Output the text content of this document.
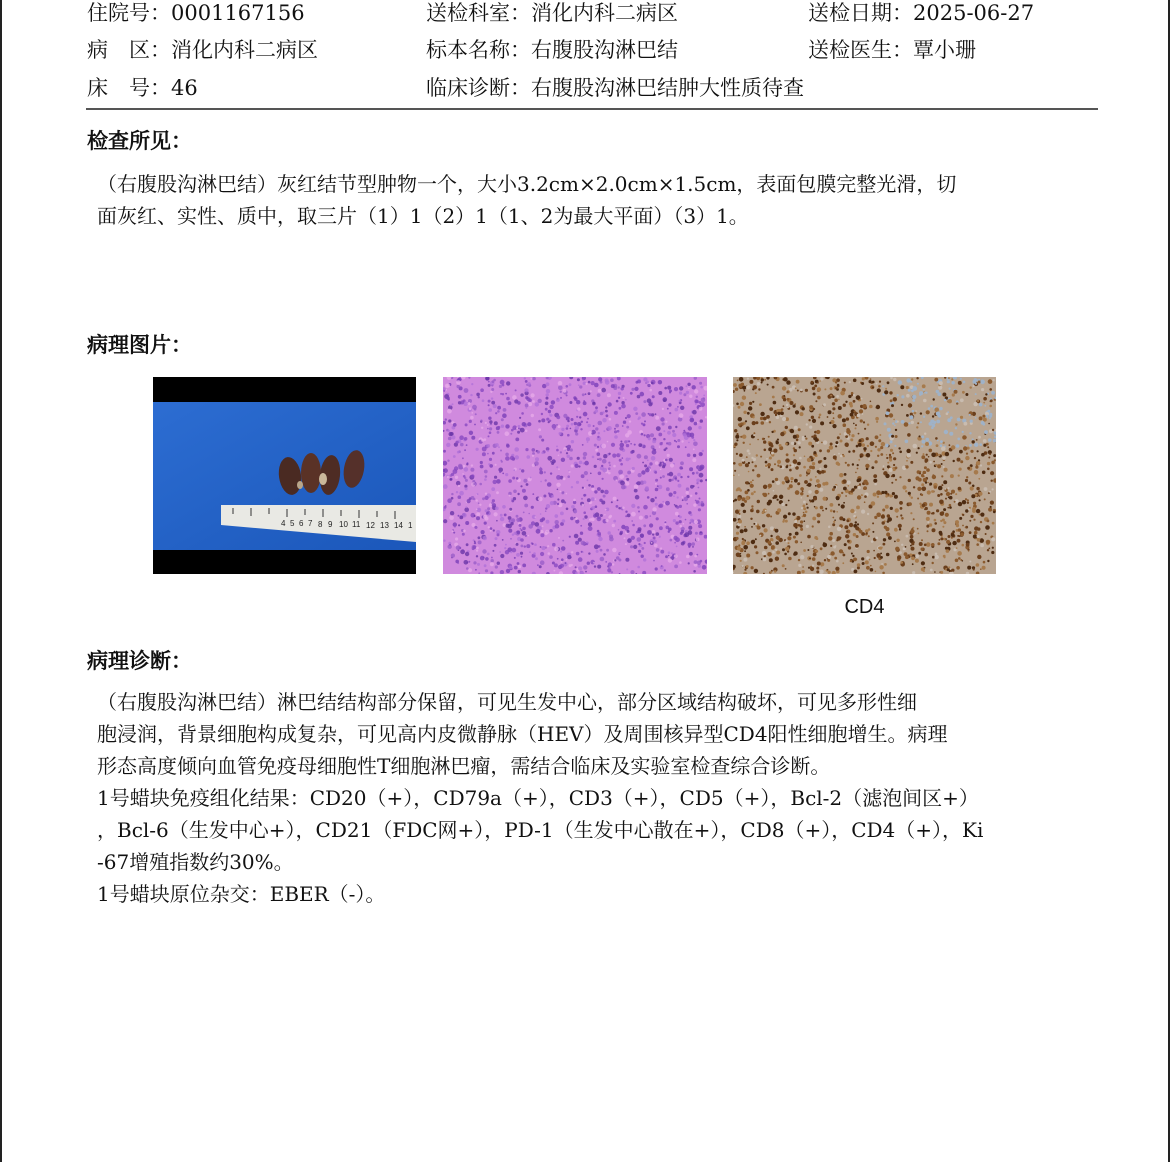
住院号：0001167156	送检科室：消化内科二病区	送检日期：2025-06-27
病　区：消化内科二病区	标本名称：右腹股沟淋巴结	送检医生：覃小珊
床　号：46	临床诊断：右腹股沟淋巴结肿大性质待查
检查所见：
（右腹股沟淋巴结）灰红结节型肿物一个，大小3.2cm×2.0cm×1.5cm，表面包膜完整光滑，切
面灰红、实性、质中，取三片（1）1（2）1（1、2为最大平面）（3）1。
病理图片：
4 5 6 7 8 9 10 11 12 13 14 1
CD4
病理诊断：
（右腹股沟淋巴结）淋巴结结构部分保留，可见生发中心，部分区域结构破坏，可见多形性细
胞浸润，背景细胞构成复杂，可见高内皮微静脉（HEV）及周围核异型CD4阳性细胞增生。病理
形态高度倾向血管免疫母细胞性T细胞淋巴瘤，需结合临床及实验室检查综合诊断。
1号蜡块免疫组化结果：CD20（+），CD79a（+），CD3（+），CD5（+），Bcl-2（滤泡间区+）
，Bcl-6（生发中心+），CD21（FDC网+），PD-1（生发中心散在+），CD8（+），CD4（+），Ki
-67增殖指数约30%。
1号蜡块原位杂交：EBER（-）。
